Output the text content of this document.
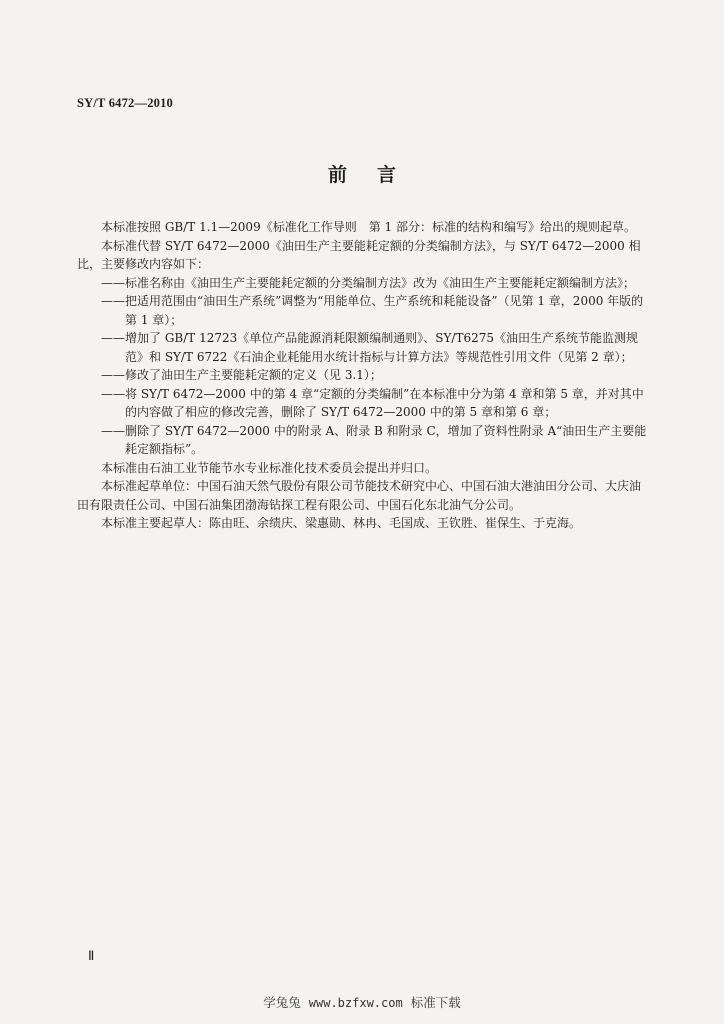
SY/T 6472—2010
前 言

本标准按照 GB/T 1.1—2009《标准化工作导则　第 1 部分：标准的结构和编写》给出的规则起草。

本标准代替 SY/T 6472—2000《油田生产主要能耗定额的分类编制方法》，与 SY/T 6472—2000 相比，主要修改内容如下：

——标准名称由《油田生产主要能耗定额的分类编制方法》改为《油田生产主要能耗定额编制方法》；

——把适用范围由“油田生产系统”调整为“用能单位、生产系统和耗能设备”（见第 1 章，2000 年版的第 1 章）；

——增加了 GB/T 12723《单位产品能源消耗限额编制通则》、SY/T6275《油田生产系统节能监测规范》和 SY/T 6722《石油企业耗能用水统计指标与计算方法》等规范性引用文件（见第 2 章）；

——修改了油田生产主要能耗定额的定义（见 3.1）；

——将 SY/T 6472—2000 中的第 4 章“定额的分类编制”在本标准中分为第 4 章和第 5 章，并对其中的内容做了相应的修改完善，删除了 SY/T 6472—2000 中的第 5 章和第 6 章；

——删除了 SY/T 6472—2000 中的附录 A、附录 B 和附录 C，增加了资料性附录 A“油田生产主要能耗定额指标”。

本标准由石油工业节能节水专业标准化技术委员会提出并归口。

本标准起草单位：中国石油天然气股份有限公司节能技术研究中心、中国石油大港油田分公司、大庆油田有限责任公司、中国石油集团渤海钻探工程有限公司、中国石化东北油气分公司。

本标准主要起草人：陈由旺、余绩庆、梁惠勋、林冉、毛国成、王钦胜、崔保生、于克海。

Ⅱ
学兔兔 www.bzfxw.com 标准下载
